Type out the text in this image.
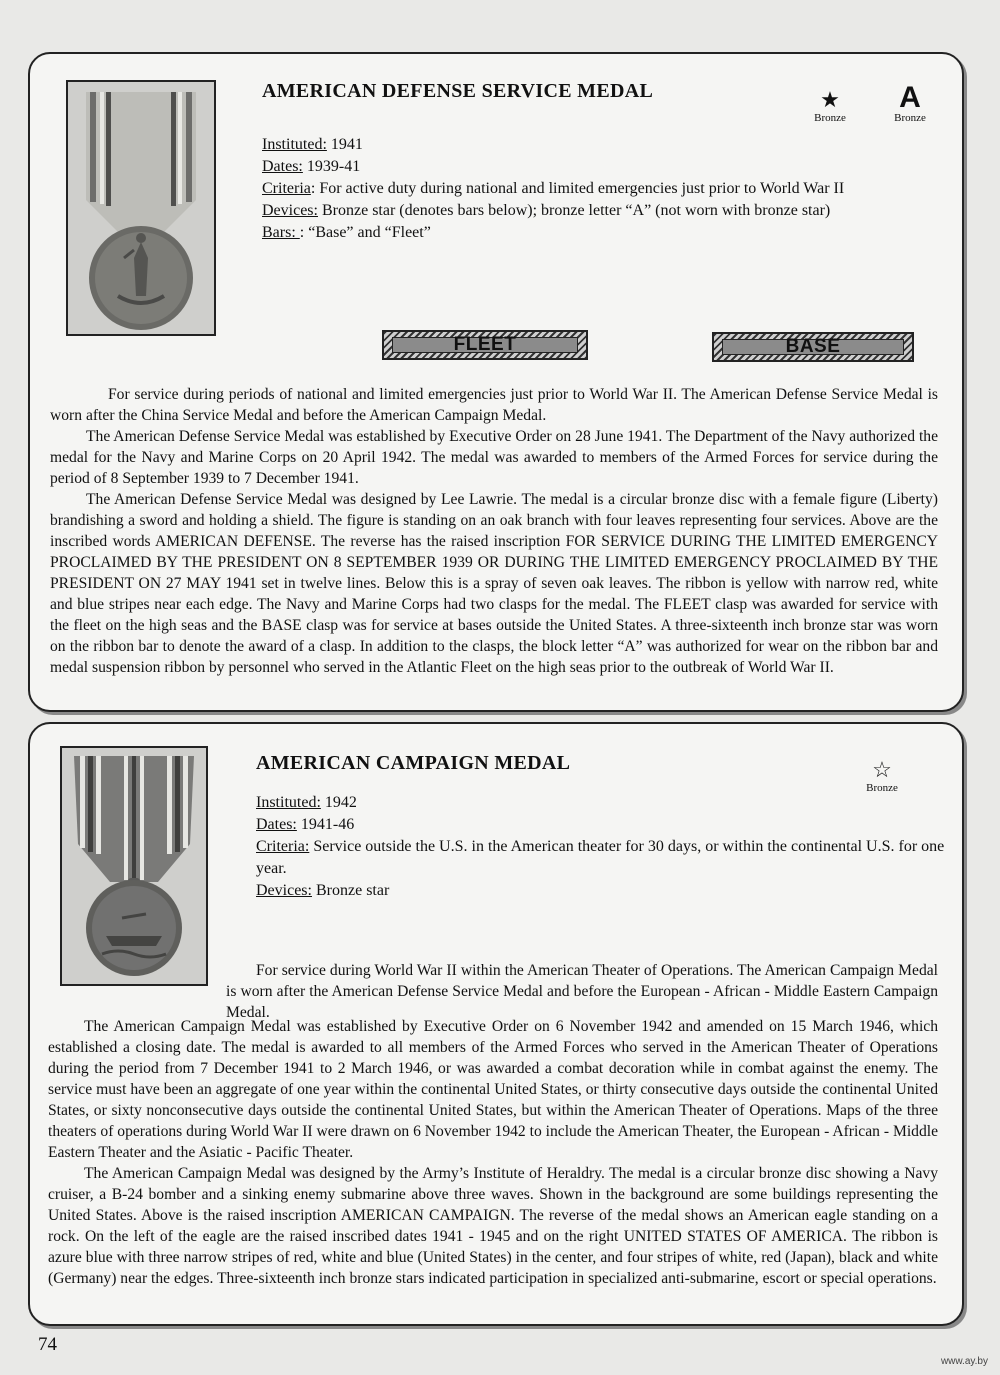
AMERICAN DEFENSE SERVICE MEDAL	★
Bronze
A
Bronze
Instituted: 1941
Dates: 1939-41
Criteria: For active duty during national and limited emergencies just prior to World War II
Devices: Bronze star (denotes bars below); bronze letter “A” (not worn with bronze star)
Bars: : “Base” and “Fleet”
FLEET	BASE

For service during periods of national and limited emergencies just prior to World War II. The American Defense Service Medal is worn after the China Service Medal and before the American Campaign Medal.

The American Defense Service Medal was established by Executive Order on 28 June 1941. The Department of the Navy authorized the medal for the Navy and Marine Corps on 20 April 1942. The medal was awarded to members of the Armed Forces for service during the period of 8 September 1939 to 7 December 1941.

The American Defense Service Medal was designed by Lee Lawrie. The medal is a circular bronze disc with a female figure (Liberty) brandishing a sword and holding a shield. The figure is standing on an oak branch with four leaves representing four services. Above are the inscribed words AMERICAN DEFENSE. The reverse has the raised inscription FOR SERVICE DURING THE LIMITED EMERGENCY PROCLAIMED BY THE PRESIDENT ON 8 SEPTEMBER 1939 OR DURING THE LIMITED EMERGENCY PROCLAIMED BY THE PRESIDENT ON 27 MAY 1941 set in twelve lines. Below this is a spray of seven oak leaves. The ribbon is yellow with narrow red, white and blue stripes near each edge. The Navy and Marine Corps had two clasps for the medal. The FLEET clasp was awarded for service with the fleet on the high seas and the BASE clasp was for service at bases outside the United States. A three-sixteenth inch bronze star was worn on the ribbon bar to denote the award of a clasp. In addition to the clasps, the block letter “A” was authorized for wear on the ribbon bar and medal suspension ribbon by personnel who served in the Atlantic Fleet on the high seas prior to the outbreak of World War II.

AMERICAN CAMPAIGN MEDAL	☆
Bronze
Instituted: 1942
Dates: 1941-46
Criteria: Service outside the U.S. in the American theater for 30 days, or within the continental U.S. for one year.
Devices: Bronze star

For service during World War II within the American Theater of Operations. The American Campaign Medal is worn after the American Defense Service Medal and before the European - African - Middle Eastern Campaign Medal.

The American Campaign Medal was established by Executive Order on 6 November 1942 and amended on 15 March 1946, which established a closing date. The medal is awarded to all members of the Armed Forces who served in the American Theater of Operations during the period from 7 December 1941 to 2 March 1946, or was awarded a combat decoration while in combat against the enemy. The service must have been an aggregate of one year within the continental United States, or thirty consecutive days outside the continental United States, or sixty nonconsecutive days outside the continental United States, but within the American Theater of Operations. Maps of the three theaters of operations during World War II were drawn on 6 November 1942 to include the American Theater, the European - African - Middle Eastern Theater and the Asiatic - Pacific Theater.

The American Campaign Medal was designed by the Army’s Institute of Heraldry. The medal is a circular bronze disc showing a Navy cruiser, a B-24 bomber and a sinking enemy submarine above three waves. Shown in the background are some buildings representing the United States. Above is the raised inscription AMERICAN CAMPAIGN. The reverse of the medal shows an American eagle standing on a rock. On the left of the eagle are the raised inscribed dates 1941 - 1945 and on the right UNITED STATES OF AMERICA. The ribbon is azure blue with three narrow stripes of red, white and blue (United States) in the center, and four stripes of white, red (Japan), black and white (Germany) near the edges. Three-sixteenth inch bronze stars indicated participation in specialized anti-submarine, escort or special operations.

74
www.ay.by
